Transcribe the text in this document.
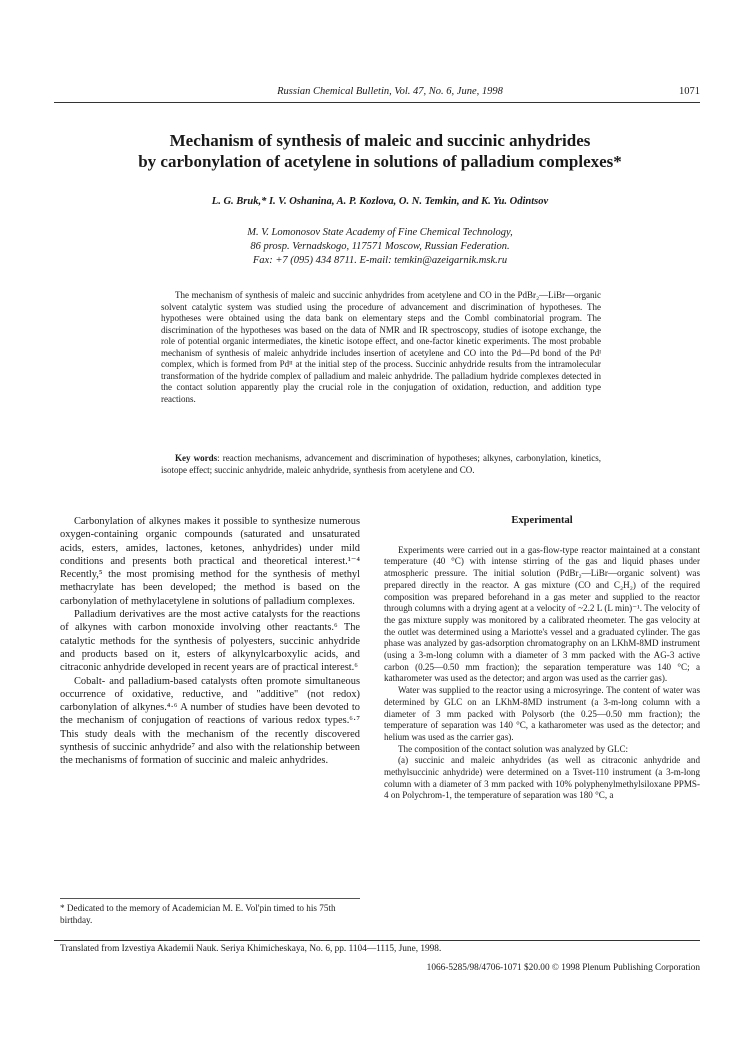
Russian Chemical Bulletin, Vol. 47, No. 6, June, 1998	1071
Mechanism of synthesis of maleic and succinic anhydrides
by carbonylation of acetylene in solutions of palladium complexes*
L. G. Bruk,* I. V. Oshanina, A. P. Kozlova, O. N. Temkin, and K. Yu. Odintsov
M. V. Lomonosov State Academy of Fine Chemical Technology,
86 prosp. Vernadskogo, 117571 Moscow, Russian Federation.
Fax: +7 (095) 434 8711. E-mail: temkin@azeigarnik.msk.ru

The mechanism of synthesis of maleic and succinic anhydrides from acetylene and CO in the PdBr₂—LiBr—organic solvent catalytic system was studied using the procedure of advancement and discrimination of hypotheses. The hypotheses were obtained using the data bank on elementary steps and the Combl combinatorial program. The discrimination of the hypotheses was based on the data of NMR and IR spectroscopy, studies of isotope exchange, the role of potential organic intermediates, the kinetic isotope effect, and one-factor kinetic experiments. The most probable mechanism of synthesis of maleic anhydride includes insertion of acetylene and CO into the Pd—Pd bond of the Pdᴵ complex, which is formed from Pdᴵᴵ at the initial step of the process. Succinic anhydride results from the intramolecular transformation of the hydride complex of palladium and maleic anhydride. The palladium hydride complexes detected in the contact solution apparently play the crucial role in the conjugation of oxidation, reduction, and addition type reactions.

Key words: reaction mechanisms, advancement and discrimination of hypotheses; alkynes, carbonylation, kinetics, isotope effect; succinic anhydride, maleic anhydride, synthesis from acetylene and CO.

Carbonylation of alkynes makes it possible to synthesize numerous oxygen-containing organic compounds (saturated and unsaturated acids, esters, amides, lactones, ketones, anhydrides) under mild conditions and presents both practical and theoretical interest.¹⁻⁴ Recently,⁵ the most promising method for the synthesis of methyl methacrylate has been developed; the method is based on the carbonylation of methylacetylene in solutions of palladium complexes.

Palladium derivatives are the most active catalysts for the reactions of alkynes with carbon monoxide involving other reactants.⁶ The catalytic methods for the synthesis of polyesters, succinic anhydride and products based on it, esters of alkynylcarboxylic acids, and citraconic anhydride developed in recent years are of practical interest.⁶

Cobalt- and palladium-based catalysts often promote simultaneous occurrence of oxidative, reductive, and "additive" (not redox) carbonylation of alkynes.⁴·⁶ A number of studies have been devoted to the mechanism of conjugation of reactions of various redox types.⁶·⁷ This study deals with the mechanism of the recently discovered synthesis of succinic anhydride⁷ and also with the relationship between the mechanisms of formation of succinic and maleic anhydrides.

Experimental

Experiments were carried out in a gas-flow-type reactor maintained at a constant temperature (40 °C) with intense stirring of the gas and liquid phases under atmospheric pressure. The initial solution (PdBr₂—LiBr—organic solvent) was prepared directly in the reactor. A gas mixture (CO and C₂H₂) of the required composition was prepared beforehand in a gas meter and supplied to the reactor through columns with a drying agent at a velocity of ~2.2 L (L min)⁻¹. The velocity of the gas mixture supply was monitored by a calibrated rheometer. The gas velocity at the outlet was determined using a Mariotte's vessel and a graduated cylinder. The gas phase was analyzed by gas-adsorption chromatography on an LKhM-8MD instrument (using a 3-m-long column with a diameter of 3 mm packed with the AG-3 active carbon (0.25—0.50 mm fraction); the separation temperature was 140 °C; a katharometer was used as the detector; and argon was used as the carrier gas).

Water was supplied to the reactor using a microsyringe. The content of water was determined by GLC on an LKhM-8MD instrument (a 3-m-long column with a diameter of 3 mm packed with Polysorb (the 0.25—0.50 mm fraction); the temperature of separation was 140 °C, a katharometer was used as the detector; and helium was used as the carrier gas).

The composition of the contact solution was analyzed by GLC:

(a) succinic and maleic anhydrides (as well as citraconic anhydride and methylsuccinic anhydride) were determined on a Tsvet-110 instrument (a 3-m-long column with a diameter of 3 mm packed with 10% polyphenylmethylsiloxane PPMS-4 on Polychrom-1, the temperature of separation was 180 °C, a

* Dedicated to the memory of Academician M. E. Vol'pin timed to his 75th birthday.
Translated from Izvestiya Akademii Nauk. Seriya Khimicheskaya, No. 6, pp. 1104—1115, June, 1998.
1066-5285/98/4706-1071 $20.00 © 1998 Plenum Publishing Corporation
